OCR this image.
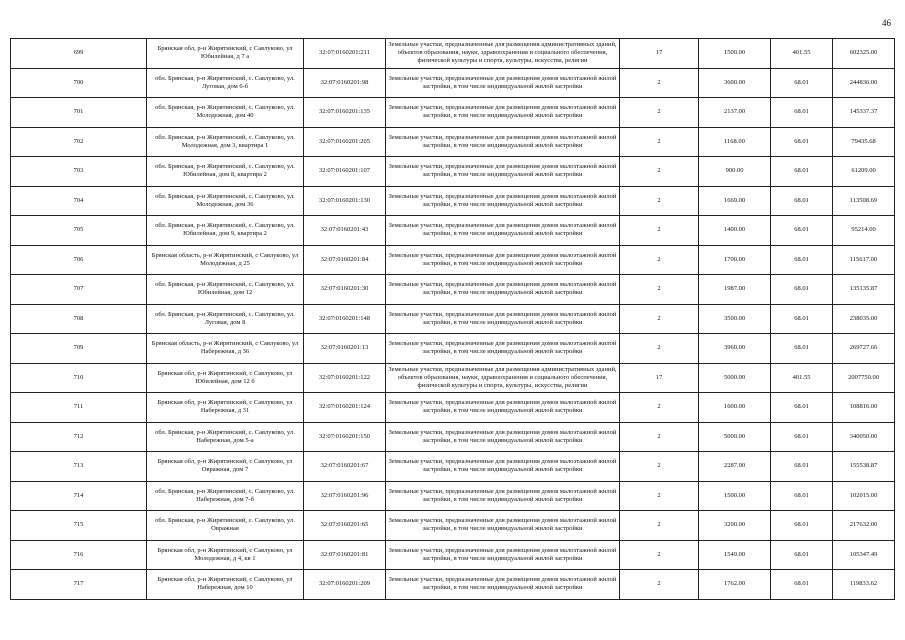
46
699	Брянская обл, р-н Жирятинский, с Савлуково, ул Юбилейная, д 7 а	32:07:0160201:211	Земельные участки, предназначенные для размещения административных зданий, объектов образования, науки, здравоохранения и социального обеспечения, физической культуры и спорта, культуры, искусства, религии	17	1500.00	401.55	602325.00
700	обл. Брянская, р-н Жирятинский, с. Савлуково, ул. Луговая, дом 6-б	32:07:0160201:98	Земельные участки, предназначенные для размещения домов малоэтажной жилой застройки, в том числе индивидуальной жилой застройки	2	3600.00	68.01	244836.00
701	обл. Брянская, р-н Жирятинский, с. Савлуково, ул. Молодежная, дом 40	32:07:0160201:135	Земельные участки, предназначенные для размещения домов малоэтажной жилой застройки, в том числе индивидуальной жилой застройки	2	2137.00	68.01	145337.37
702	обл. Брянская, р-н Жирятинский, с. Савлуково, ул. Молодежная, дом 3, квартира 1	32:07:0160201:205	Земельные участки, предназначенные для размещения домов малоэтажной жилой застройки, в том числе индивидуальной жилой застройки	2	1168.00	68.01	79435.68
703	обл. Брянская, р-н Жирятинский, с. Савлуково, ул. Юбилейная, дом 8, квартира 2	32:07:0160201:107	Земельные участки, предназначенные для размещения домов малоэтажной жилой застройки, в том числе индивидуальной жилой застройки	2	900.00	68.01	61209.00
704	обл. Брянская, р-н Жирятинский, с. Савлуково, ул. Молодежная, дом 36	32:07:0160201:130	Земельные участки, предназначенные для размещения домов малоэтажной жилой застройки, в том числе индивидуальной жилой застройки	2	1669.00	68.01	113508.69
705	обл. Брянская, р-н Жирятинский, с. Савлуково, ул. Юбилейная, дом 9, квартира 2	32:07:0160201:43	Земельные участки, предназначенные для размещения домов малоэтажной жилой застройки, в том числе индивидуальной жилой застройки	2	1400.00	68.01	95214.00
706	Брянская область, р-н Жирятинский, с Савлуково, ул Молодежная, д 25	32:07:0160201:84	Земельные участки, предназначенные для размещения домов малоэтажной жилой застройки, в том числе индивидуальной жилой застройки	2	1700.00	68.01	115617.00
707	обл. Брянская, р-н Жирятинский, с. Савлуково, ул. Юбилейная, дом 12	32:07:0160201:30	Земельные участки, предназначенные для размещения домов малоэтажной жилой застройки, в том числе индивидуальной жилой застройки	2	1987.00	68.01	135135.87
708	обл. Брянская, р-н Жирятинский, с. Савлуково, ул. Луговая, дом 8	32:07:0160201:148	Земельные участки, предназначенные для размещения домов малоэтажной жилой застройки, в том числе индивидуальной жилой застройки	2	3500.00	68.01	238035.00
709	Брянская область, р-н Жирятинский, с Савлуково, ул Набережная, д 36	32:07:0160201:13	Земельные участки, предназначенные для размещения домов малоэтажной жилой застройки, в том числе индивидуальной жилой застройки	2	3960.00	68.01	269727.66
710	Брянская обл, р-н Жирятинский, с Савлуково, ул Юбилейная, дом 12 б	32:07:0160201:122	Земельные участки, предназначенные для размещения административных зданий, объектов образования, науки, здравоохранения и социального обеспечения, физической культуры и спорта, культуры, искусства, религии	17	5000.00	401.55	2007750.00
711	Брянская обл, р-н Жирятинский, с Савлуково, ул Набережная, д 31	32:07:0160201:124	Земельные участки, предназначенные для размещения домов малоэтажной жилой застройки, в том числе индивидуальной жилой застройки	2	1600.00	68.01	108816.00
712	обл. Брянская, р-н Жирятинский, с. Савлуково, ул. Набережная, дом 5-а	32:07:0160201:150	Земельные участки, предназначенные для размещения домов малоэтажной жилой застройки, в том числе индивидуальной жилой застройки	2	5000.00	68.01	340050.00
713	Брянская обл, р-н Жирятинский, с Савлуково, ул Овражная, дом 7	32:07:0160201:67	Земельные участки, предназначенные для размещения домов малоэтажной жилой застройки, в том числе индивидуальной жилой застройки	2	2287.00	68.01	155538.87
714	обл. Брянская, р-н Жирятинский, с. Савлуково, ул. Набережная, дом 7-б	32:07:0160201:96	Земельные участки, предназначенные для размещения домов малоэтажной жилой застройки, в том числе индивидуальной жилой застройки	2	1500.00	68.01	102015.00
715	обл. Брянская, р-н Жирятинский, с. Савлуково, ул. Овражная	32:07:0160201:65	Земельные участки, предназначенные для размещения домов малоэтажной жилой застройки, в том числе индивидуальной жилой застройки	2	3200.00	68.01	217632.00
716	Брянская обл, р-н Жирятинский, с Савлуково, ул Молодежная, д 4, кв 1	32:07:0160201:81	Земельные участки, предназначенные для размещения домов малоэтажной жилой застройки, в том числе индивидуальной жилой застройки	2	1549.00	68.01	105347.49
717	Брянская обл, р-н Жирятинский, с Савлуково, ул Набережная, дом 10	32:07:0160201:209	Земельные участки, предназначенные для размещения домов малоэтажной жилой застройки, в том числе индивидуальной жилой застройки	2	1762.00	68.01	119833.62
